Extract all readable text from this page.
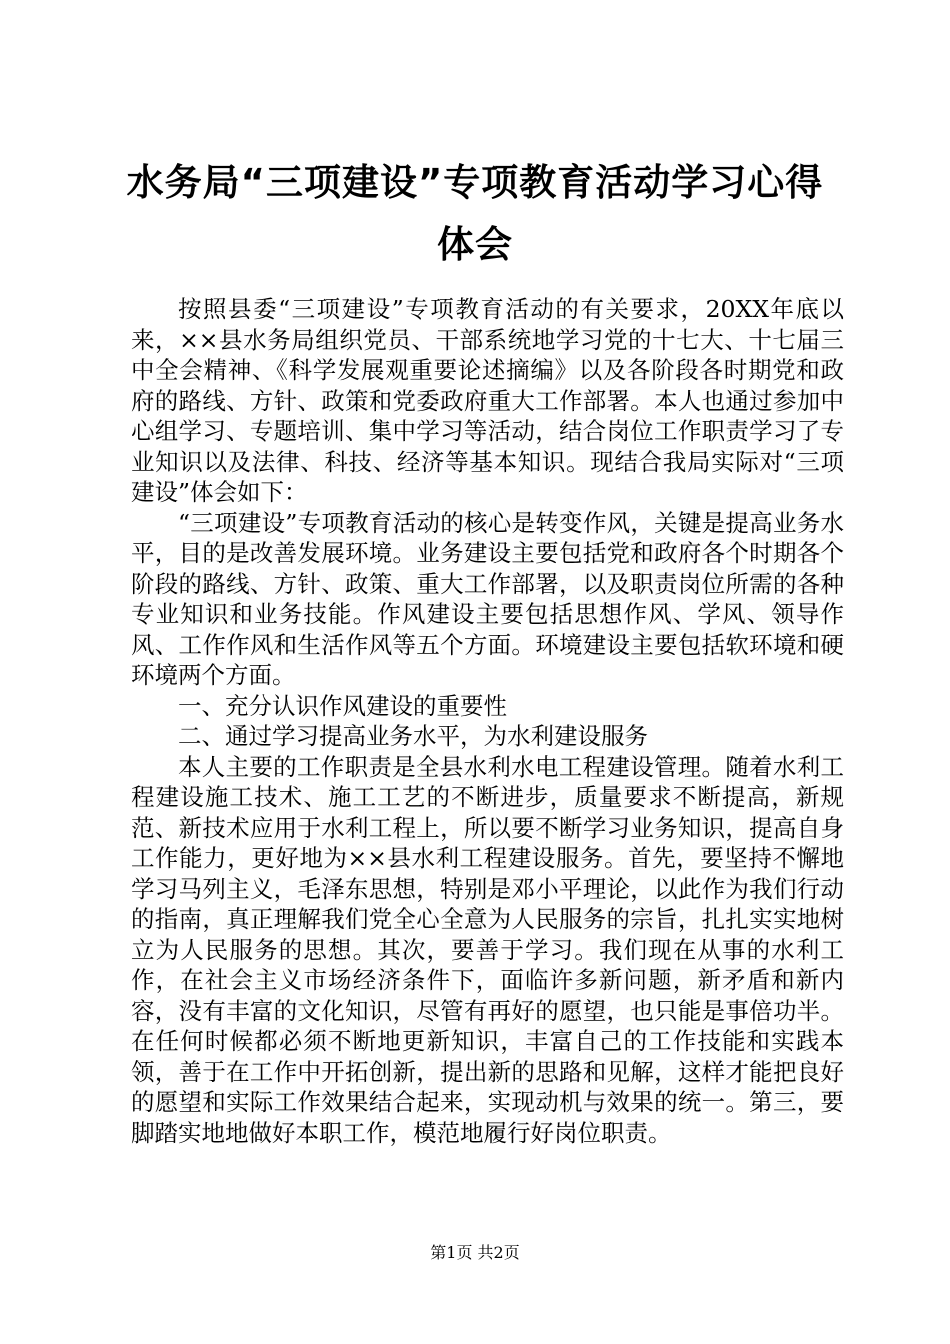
水务局“三项建设”专项教育活动学习心得体会

按照县委“三项建设”专项教育活动的有关要求，20XX年底以来，××县水务局组织党员、干部系统地学习党的十七大、十七届三中全会精神、《科学发展观重要论述摘编》以及各阶段各时期党和政府的路线、方针、政策和党委政府重大工作部署。本人也通过参加中心组学习、专题培训、集中学习等活动，结合岗位工作职责学习了专业知识以及法律、科技、经济等基本知识。现结合我局实际对“三项建设”体会如下：

“三项建设”专项教育活动的核心是转变作风，关键是提高业务水平，目的是改善发展环境。业务建设主要包括党和政府各个时期各个阶段的路线、方针、政策、重大工作部署，以及职责岗位所需的各种专业知识和业务技能。作风建设主要包括思想作风、学风、领导作风、工作作风和生活作风等五个方面。环境建设主要包括软环境和硬环境两个方面。

一、充分认识作风建设的重要性

二、通过学习提高业务水平，为水利建设服务

本人主要的工作职责是全县水利水电工程建设管理。随着水利工程建设施工技术、施工工艺的不断进步，质量要求不断提高，新规范、新技术应用于水利工程上，所以要不断学习业务知识，提高自身工作能力，更好地为××县水利工程建设服务。首先，要坚持不懈地学习马列主义，毛泽东思想，特别是邓小平理论，以此作为我们行动的指南，真正理解我们党全心全意为人民服务的宗旨，扎扎实实地树立为人民服务的思想。其次，要善于学习。我们现在从事的水利工作，在社会主义市场经济条件下，面临许多新问题，新矛盾和新内容，没有丰富的文化知识，尽管有再好的愿望，也只能是事倍功半。在任何时候都必须不断地更新知识，丰富自己的工作技能和实践本领，善于在工作中开拓创新，提出新的思路和见解，这样才能把良好的愿望和实际工作效果结合起来，实现动机与效果的统一。第三，要脚踏实地地做好本职工作，模范地履行好岗位职责。

第1页 共2页
